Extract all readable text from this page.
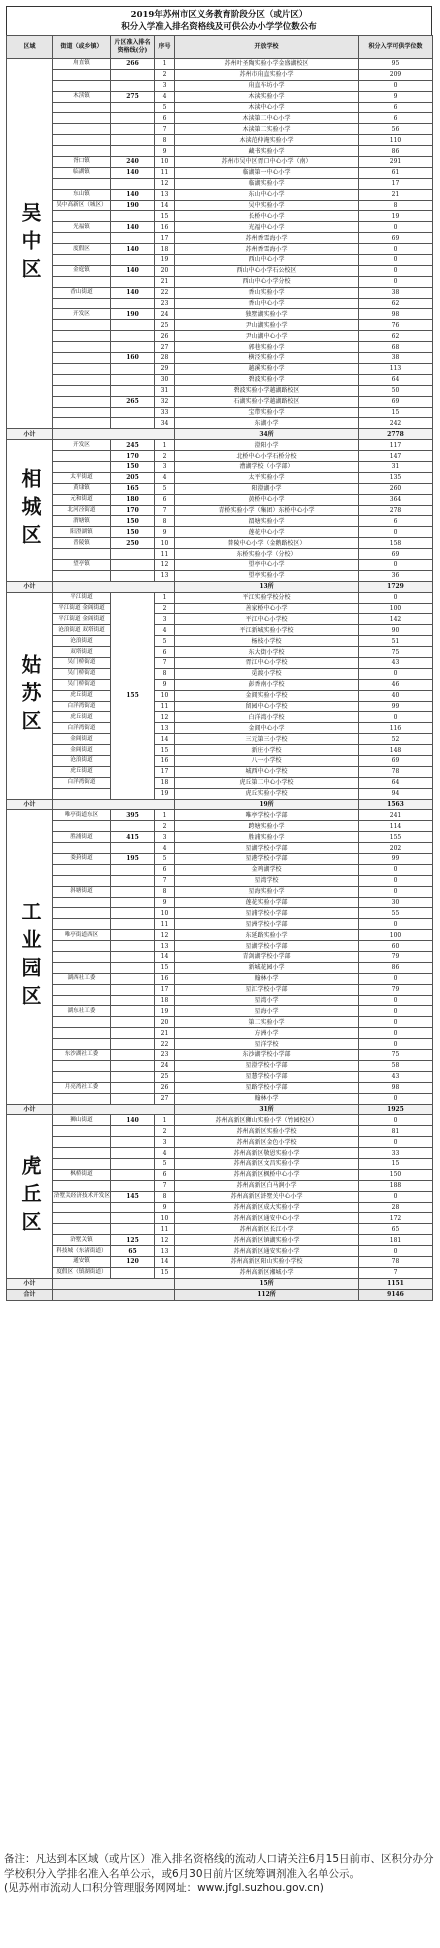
2019年苏州市区义务教育阶段分区（或片区）
积分入学准入排名资格线及可供公办小学学位数公布
区域	街道（或乡镇）	片区准入排名资格线(分)	序号	开放学校	积分入学可供学位数
吴中区	甪直镇	266	1	苏州叶圣陶实验小学金盛湖校区	95
			2	苏州市甪直实验小学	209
			3	甪直车坊小学	0
	木渎镇	275	4	木渎实验小学	9
			5	木渎中心小学	6
			6	木渎第二中心小学	6
			7	木渎第二实验小学	56
			8	木渎范仲淹实验小学	110
			9	藏书实验小学	86
	胥口镇	240	10	苏州市吴中区胥口中心小学（南）	291
	临湖镇	140	11	临湖第一中心小学	61
			12	临湖实验小学	17
	东山镇	140	13	东山中心小学	21
	吴中高新区（城区）	190	14	吴中实验小学	8
			15	长桥中心小学	19
	光福镇	140	16	光福中心小学	0
			17	苏州香雪海小学	69
	度假区	140	18	苏州香雪海小学	0
			19	西山中心小学	0
	金庭镇	140	20	西山中心小学石公校区	0
			21	西山中心小学分校	0
	香山街道	140	22	香山实验小学	38
			23	香山中心小学	62
	开发区	190	24	独墅湖实验小学	98
			25	尹山湖实验小学	76
			26	尹山湖中心小学	62
			27	郭巷实验小学	68
		160	28	横泾实验小学	38
			29	越溪实验小学	113
			30	碧波实验小学	64
			31	碧波实验小学越湖路校区	50
		265	32	石湖实验小学越湖路校区	69
			33	宝带实验小学	15
			34	东湖小学	242
小计				34所	2778
相城区	开发区	245	1	澄阳小学	117
		170	2	北桥中心小学石桥分校	147
		150	3	漕湖学校（小学部）	31
	太平街道	205	4	太平实验小学	135
	黄埭镇	165	5	阳澄湖小学	260
	元和街道	180	6	黄桥中心小学	364
	北河泾街道	170	7	青桥实验小学（集团）东桥中心小学	278
	渭塘镇	150	8	渭塘实验小学	6
	阳澄湖镇	150	9	莲花中心小学	0
	普陵镇	250	10	普陵中心小学（金鹅路校区）	158
			11	东桥实验小学（分校）	69
	望亭镇		12	望亭中心小学	0
			13	望亭实验小学	36
小计				13所	1729
姑苏区	平江街道	155	1	平江实验学校分校	0
	平江街道 金阊街道		2	善家桥中心小学	100
	平江街道 金阊街道		3	平江中心小学校	142
	沧浪街道 双塔街道		4	平江新城实验小学校	90
	沧浪街道		5	杨枝小学校	51
	双塔街道		6	东大街小学校	75
	吴门桥街道		7	胥江中心小学校	43
	吴门桥街道		8	觅渡小学校	0
	吴门桥街道		9	彭香南小学校	46
	虎丘街道		10	金阊实验小学校	40
	白洋湾街道		11	留园中心小学校	99
	虎丘街道		12	白洋湾小学校	0
	白洋湾街道		13	金阊中心小学	116
	金阊街道		14	三元第三小学校	52
	金阊街道		15	新庄小学校	148
	沧浪街道		16	八一小学校	69
	虎丘街道		17	城西中心小学校	78
	白洋湾街道		18	虎丘第二中心小学校	64
			19	虎丘实验小学校	94
小计				19所	1563
工业园区	唯亭街道东区	395	1	唯亭学校小学部	241
			2	跨塘实验小学	114
	胜浦街道	415	3	胜浦实验小学	155
			4	星湖学校小学部	202
	娄葑街道	195	5	星港学校小学部	99
			6	金鸡湖学校	0
			7	星湾学校	0
	斜塘街道		8	星海实验小学	0
			9	莲花实验小学部	30
			10	星浦学校小学部	55
			11	星洲学校小学部	0
	唯亭街道西区		12	东延路实验小学	100
			13	星湖学校小学部	60
			14	青剑湖学校小学部	79
			15	新城花园小学	86
	湖西社工委		16	翰林小学	0
			17	星汇学校小学部	79
			18	星湾小学	0
	湖东社工委		19	星海小学	0
			20	第二实验小学	0
			21	方洲小学	0
			22	星洋学校	0
	东沙湖社工委		23	东沙湖学校小学部	75
			24	星澄学校小学部	58
			25	星慧学校小学部	43
	月亮湾社工委		26	星路学校小学部	98
			27	翰林小学	0
小计				31所	1925
虎丘区	狮山街道	140	1	苏州高新区狮山实验小学（竹园校区）	0
			2	苏州高新区实验小学校	81
			3	苏州高新区金色小学校	0
			4	苏州高新区敬恩实验小学	33
			5	苏州高新区文昌实验小学	15
	枫桥街道		6	苏州高新区枫桥中心小学	150
			7	苏州高新区白马涧小学	188
	浒墅关经济技术开发区	145	8	苏州高新区浒墅关中心小学	0
			9	苏州高新区成大实验小学	28
			10	苏州高新区通安中心小学	172
			11	苏州高新区长江小学	65
	浒墅关镇	125	12	苏州高新区镇湖实验小学	181
	科技城（东渚街道）	65	13	苏州高新区通安实验小学	0
	通安镇	120	14	苏州高新区阳山实验小学校	78
	度假区（镇湖街道）		15	苏州高新区湘城小学	7
小计				15所	1151
合计				112所	9146
备注：凡达到本区域（或片区）准入排名资格线的流动人口请关注6月15日前市、区积分办分学校积分入学排名准入名单公示，或6月30日前片区统筹调剂准入名单公示。
(见苏州市流动人口积分管理服务网网址：www.jfgl.suzhou.gov.cn)
